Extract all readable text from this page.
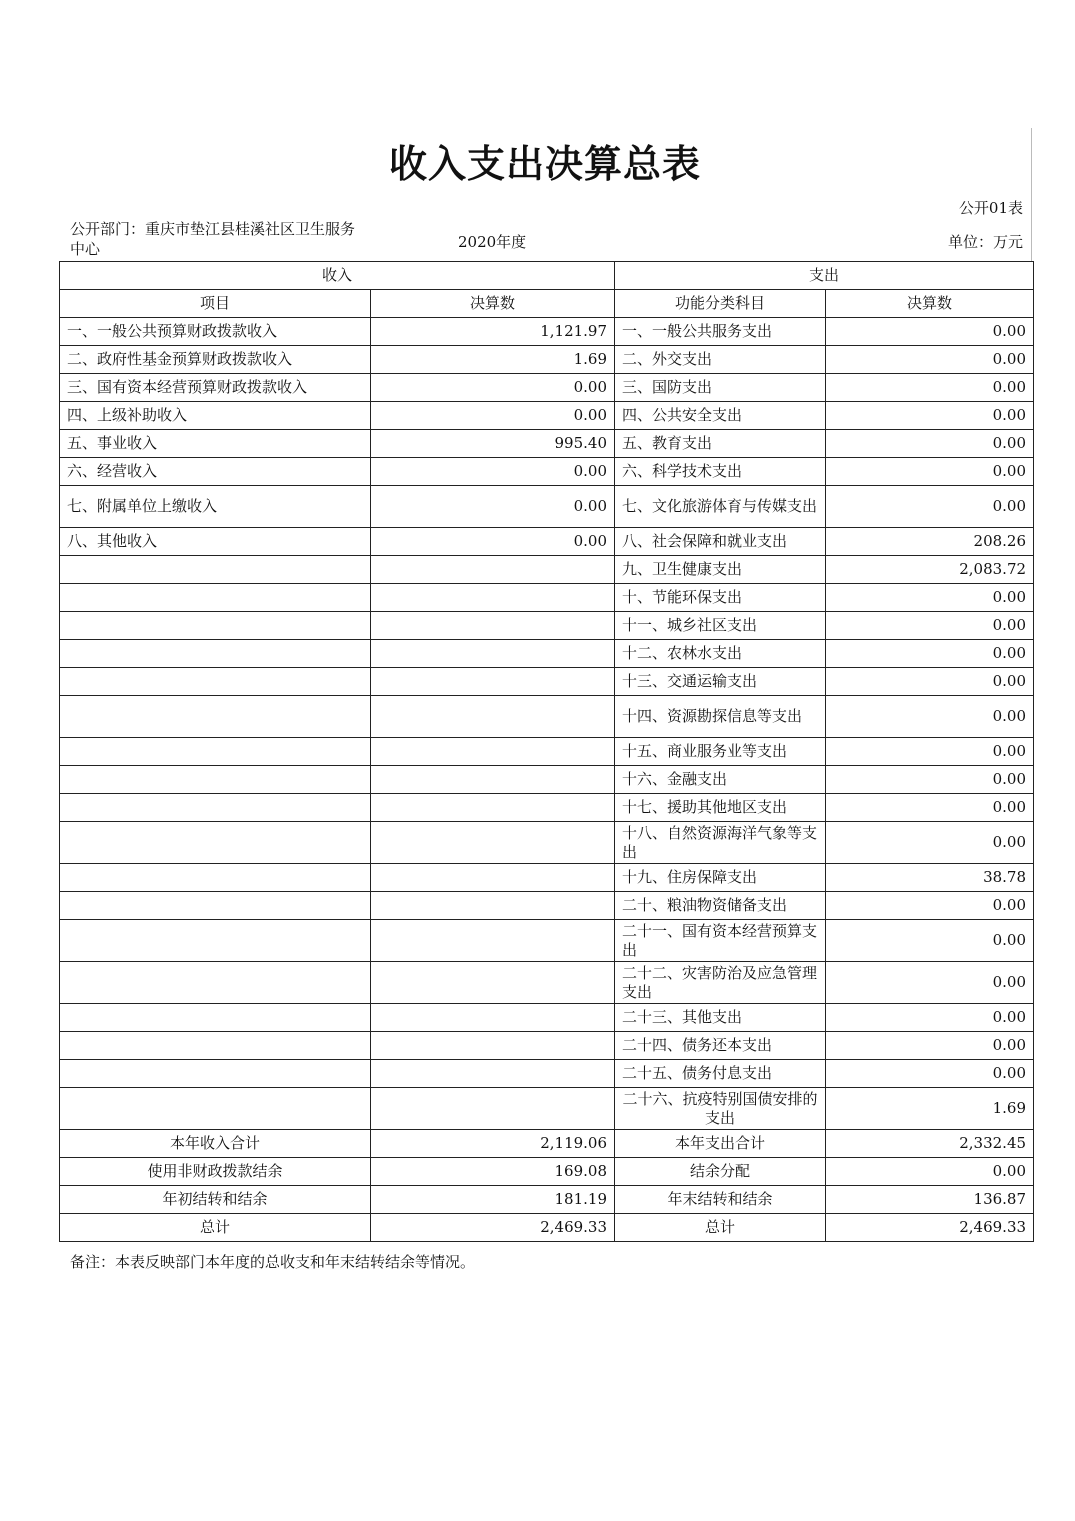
收入支出决算总表
公开01表
公开部门：重庆市垫江县桂溪社区卫生服务中心	2020年度	单位：万元
收入		支出	
项目	决算数	功能分类科目	决算数
一、一般公共预算财政拨款收入	1,121.97	一、一般公共服务支出	0.00
二、政府性基金预算财政拨款收入	1.69	二、外交支出	0.00
三、国有资本经营预算财政拨款收入	0.00	三、国防支出	0.00
四、上级补助收入	0.00	四、公共安全支出	0.00
五、事业收入	995.40	五、教育支出	0.00
六、经营收入	0.00	六、科学技术支出	0.00
七、附属单位上缴收入	0.00	七、文化旅游体育与传媒支出	0.00
八、其他收入	0.00	八、社会保障和就业支出	208.26
		九、卫生健康支出	2,083.72
		十、节能环保支出	0.00
		十一、城乡社区支出	0.00
		十二、农林水支出	0.00
		十三、交通运输支出	0.00
		十四、资源勘探信息等支出	0.00
		十五、商业服务业等支出	0.00
		十六、金融支出	0.00
		十七、援助其他地区支出	0.00
		十八、自然资源海洋气象等支出	0.00
		十九、住房保障支出	38.78
		二十、粮油物资储备支出	0.00
		二十一、国有资本经营预算支出	0.00
		二十二、灾害防治及应急管理支出	0.00
		二十三、其他支出	0.00
		二十四、债务还本支出	0.00
		二十五、债务付息支出	0.00
		二十六、抗疫特别国债安排的支出	1.69
本年收入合计	2,119.06	本年支出合计	2,332.45
使用非财政拨款结余	169.08	结余分配	0.00
年初结转和结余	181.19	年末结转和结余	136.87
总计	2,469.33	总计	2,469.33
备注：本表反映部门本年度的总收支和年末结转结余等情况。
